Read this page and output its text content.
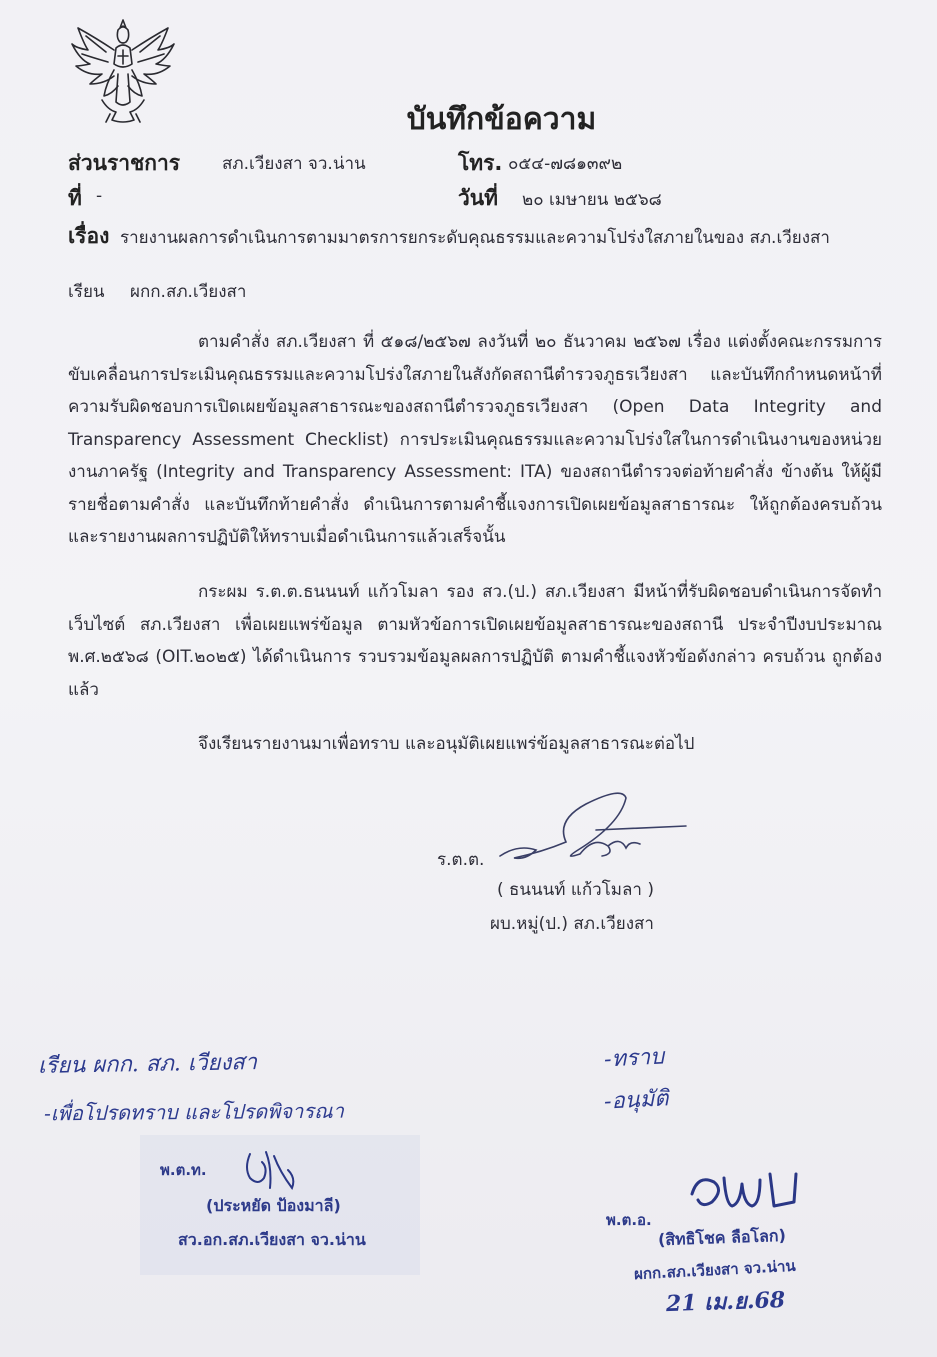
บันทึกข้อความ
ส่วนราชการ สภ.เวียงสา จว.น่าน	โทร. ๐๕๔-๗๘๑๓๙๒
ที่ -	วันที่ ๒๐ เมษายน ๒๕๖๘
เรื่อง รายงานผลการดำเนินการตามมาตรการยกระดับคุณธรรมและความโปร่งใสภายในของ สภ.เวียงสา
เรียน ผกก.สภ.เวียงสา
ตามคำสั่ง สภ.เวียงสา ที่ ๕๑๘/๒๕๖๗ ลงวันที่ ๒๐ ธันวาคม ๒๕๖๗ เรื่อง แต่งตั้งคณะกรรมการขับเคลื่อนการประเมินคุณธรรมและความโปร่งใสภายในสังกัดสถานีตำรวจภูธรเวียงสา และบันทึกกำหนดหน้าที่ความรับผิดชอบการเปิดเผยข้อมูลสาธารณะของสถานีตำรวจภูธรเวียงสา (Open Data Integrity and Transparency Assessment Checklist) การประเมินคุณธรรมและความโปร่งใสในการดำเนินงานของหน่วยงานภาครัฐ (Integrity and Transparency Assessment: ITA) ของสถานีตำรวจต่อท้ายคำสั่ง ข้างต้น ให้ผู้มีรายชื่อตามคำสั่ง และบันทึกท้ายคำสั่ง ดำเนินการตามคำชี้แจงการเปิดเผยข้อมูลสาธารณะ ให้ถูกต้องครบถ้วน และรายงานผลการปฏิบัติให้ทราบเมื่อดำเนินการแล้วเสร็จนั้น
กระผม ร.ต.ต.ธนนนท์ แก้วโมลา รอง สว.(ป.) สภ.เวียงสา มีหน้าที่รับผิดชอบดำเนินการจัดทำเว็บไซต์ สภ.เวียงสา เพื่อเผยแพร่ข้อมูล ตามหัวข้อการเปิดเผยข้อมูลสาธารณะของสถานี ประจำปีงบประมาณ พ.ศ.๒๕๖๘ (OIT.๒๐๒๕) ได้ดำเนินการ รวบรวมข้อมูลผลการปฏิบัติ ตามคำชี้แจงหัวข้อดังกล่าว ครบถ้วน ถูกต้อง แล้ว
จึงเรียนรายงานมาเพื่อทราบ และอนุมัติเผยแพร่ข้อมูลสาธารณะต่อไป
ร.ต.ต.
( ธนนนท์ แก้วโมลา )
ผบ.หมู่(ป.) สภ.เวียงสา
เรียน ผกก. สภ. เวียงสา
-เพื่อโปรดทราบ และโปรดพิจารณา
-ทราบ
-อนุมัติ
พ.ต.ท.
(ประหยัด ป้องมาลี)
สว.อก.สภ.เวียงสา จว.น่าน
พ.ต.อ.
(สิทธิโชค ลือโลก)
ผกก.สภ.เวียงสา จว.น่าน
21 เม.ย.68
